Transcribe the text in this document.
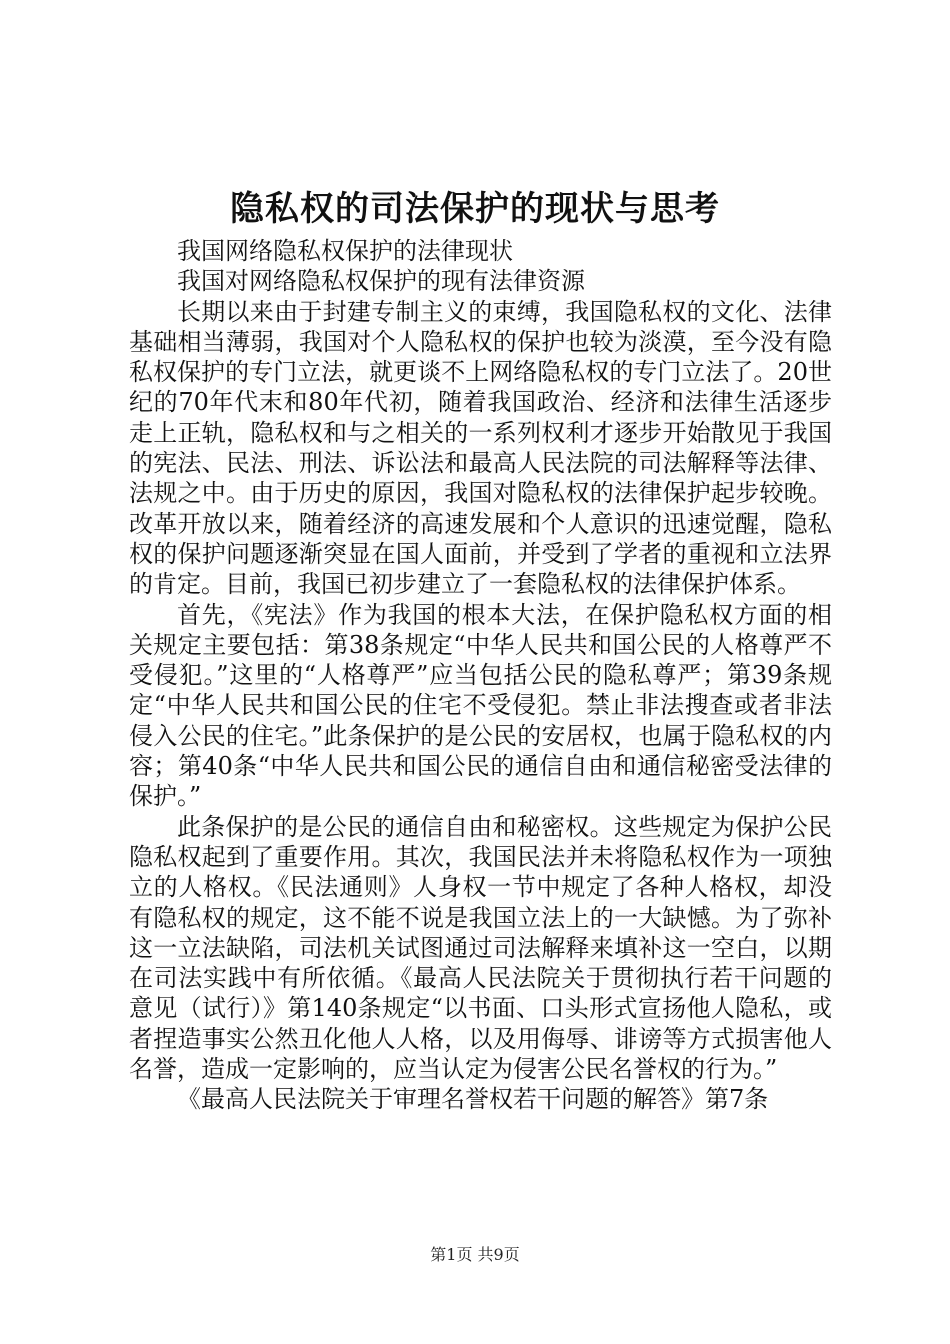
隐私权的司法保护的现状与思考

我国网络隐私权保护的法律现状

我国对网络隐私权保护的现有法律资源

长期以来由于封建专制主义的束缚，我国隐私权的文化、法律基础相当薄弱，我国对个人隐私权的保护也较为淡漠，至今没有隐私权保护的专门立法，就更谈不上网络隐私权的专门立法了。20世纪的70年代末和80年代初，随着我国政治、经济和法律生活逐步走上正轨，隐私权和与之相关的一系列权利才逐步开始散见于我国的宪法、民法、刑法、诉讼法和最高人民法院的司法解释等法律、法规之中。由于历史的原因，我国对隐私权的法律保护起步较晚。改革开放以来，随着经济的高速发展和个人意识的迅速觉醒，隐私权的保护问题逐渐突显在国人面前，并受到了学者的重视和立法界的肯定。目前，我国已初步建立了一套隐私权的法律保护体系。

首先，《宪法》作为我国的根本大法，在保护隐私权方面的相关规定主要包括：第38条规定“中华人民共和国公民的人格尊严不受侵犯。”这里的“人格尊严”应当包括公民的隐私尊严；第39条规定“中华人民共和国公民的住宅不受侵犯。禁止非法搜查或者非法侵入公民的住宅。”此条保护的是公民的安居权，也属于隐私权的内容；第40条“中华人民共和国公民的通信自由和通信秘密受法律的保护。”

此条保护的是公民的通信自由和秘密权。这些规定为保护公民隐私权起到了重要作用。其次，我国民法并未将隐私权作为一项独立的人格权。《民法通则》人身权一节中规定了各种人格权，却没有隐私权的规定，这不能不说是我国立法上的一大缺憾。为了弥补这一立法缺陷，司法机关试图通过司法解释来填补这一空白，以期在司法实践中有所依循。《最高人民法院关于贯彻执行若干问题的意见（试行）》第140条规定“以书面、口头形式宣扬他人隐私，或者捏造事实公然丑化他人人格，以及用侮辱、诽谤等方式损害他人名誉，造成一定影响的，应当认定为侵害公民名誉权的行为。”

《最高人民法院关于审理名誉权若干问题的解答》第7条

第1页 共9页
